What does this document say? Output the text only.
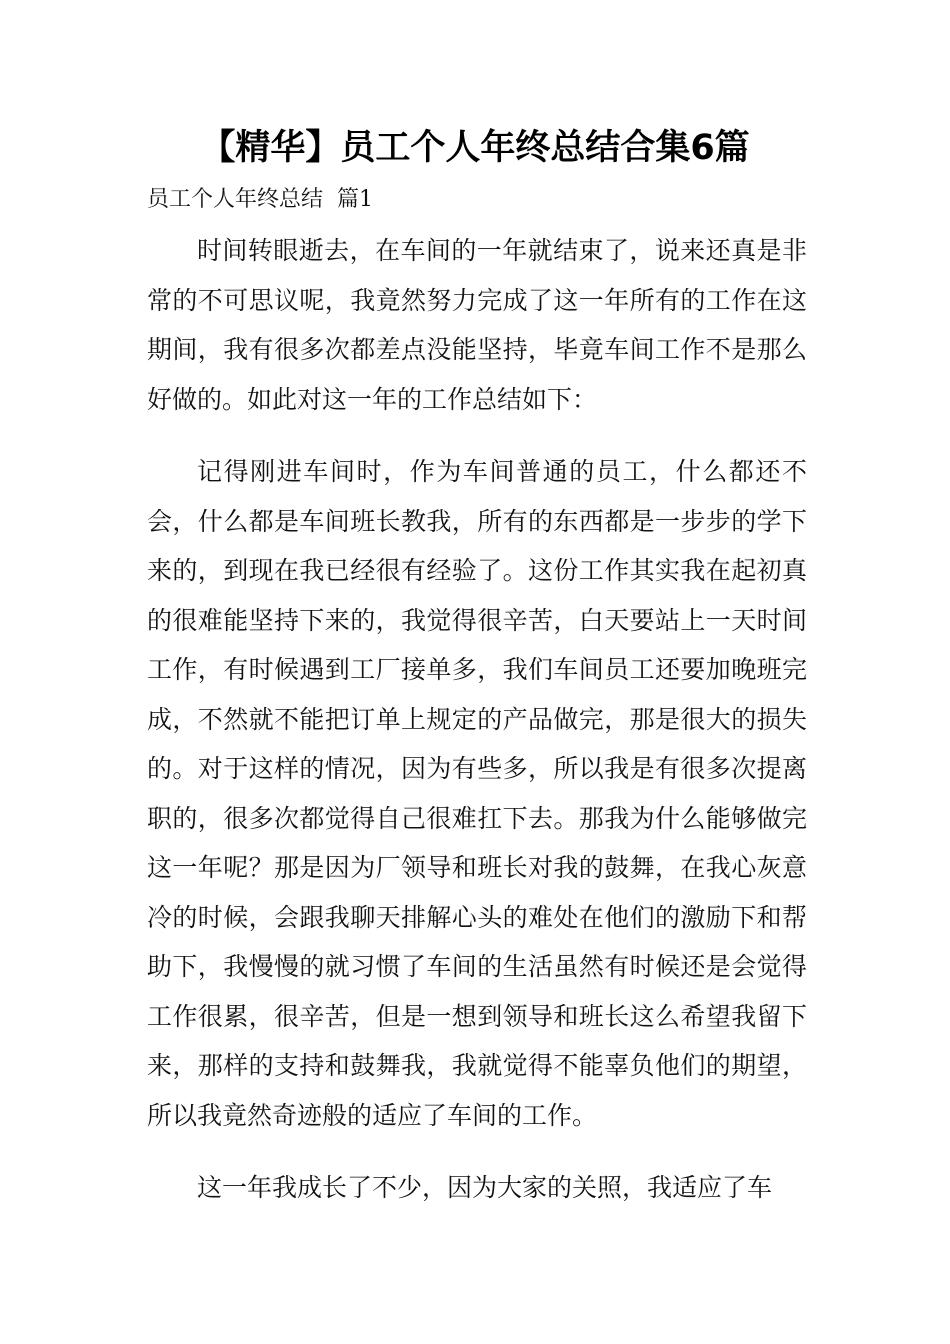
【精华】员工个人年终总结合集6篇
员工个人年终总结  篇1

时间转眼逝去，在车间的一年就结束了，说来还真是非常的不可思议呢，我竟然努力完成了这一年所有的工作在这期间，我有很多次都差点没能坚持，毕竟车间工作不是那么好做的。如此对这一年的工作总结如下：

记得刚进车间时，作为车间普通的员工，什么都还不会，什么都是车间班长教我，所有的东西都是一步步的学下来的，到现在我已经很有经验了。这份工作其实我在起初真的很难能坚持下来的，我觉得很辛苦，白天要站上一天时间工作，有时候遇到工厂接单多，我们车间员工还要加晚班完成，不然就不能把订单上规定的产品做完，那是很大的损失的。对于这样的情况，因为有些多，所以我是有很多次提离职的，很多次都觉得自己很难扛下去。那我为什么能够做完这一年呢？那是因为厂领导和班长对我的鼓舞，在我心灰意冷的时候，会跟我聊天排解心头的难处在他们的激励下和帮助下，我慢慢的就习惯了车间的生活虽然有时候还是会觉得工作很累，很辛苦，但是一想到领导和班长这么希望我留下来，那样的支持和鼓舞我，我就觉得不能辜负他们的期望，所以我竟然奇迹般的适应了车间的工作。

这一年我成长了不少，因为大家的关照，我适应了车
